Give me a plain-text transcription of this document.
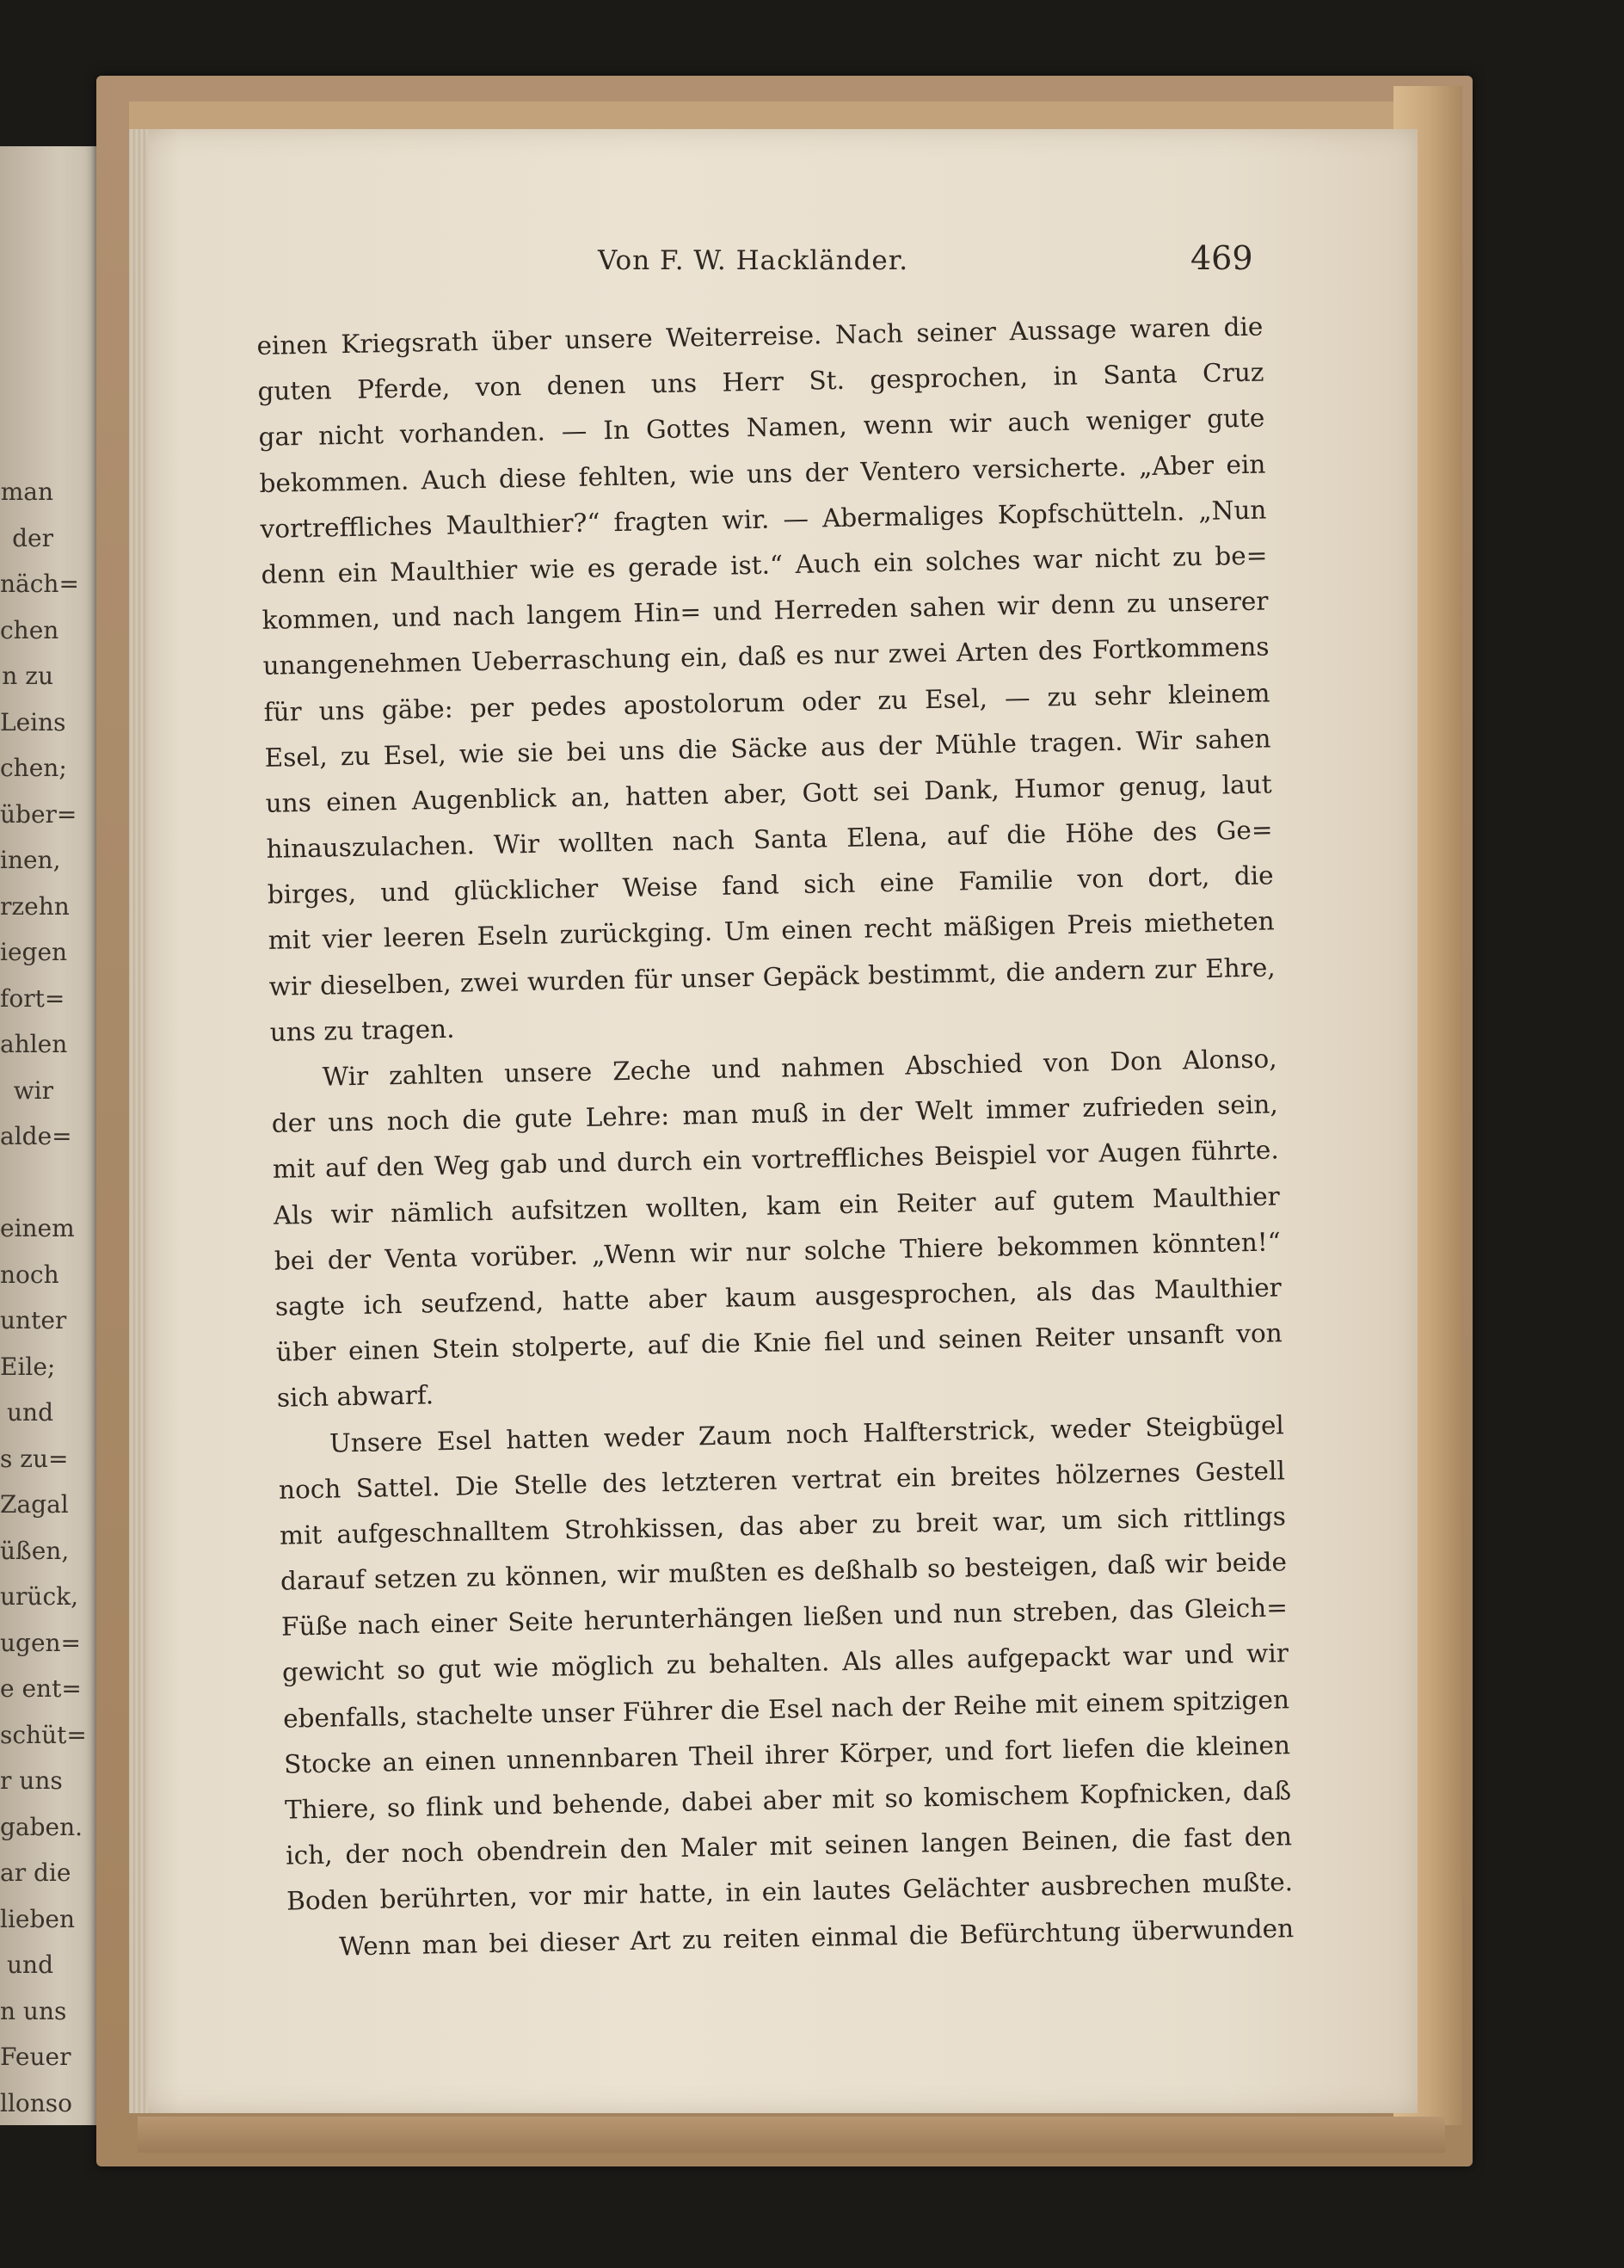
man
der
näch=
chen
n zu
Leins
chen;
über=
inen,
rzehn
iegen
fort=
ahlen
wir
alde=
einem
noch
unter
Eile;
und
s zu=
Zagal
üßen,
urück,
ugen=
e ent=
schüt=
r uns
gaben.
ar die
lieben
und
n uns
Feuer
llonso
Von F. W. Hackländer.	469
einen Kriegsrath über unsere Weiterreise. Nach seiner Aussage waren die
guten Pferde, von denen uns Herr St. gesprochen, in Santa Cruz
gar nicht vorhanden. — In Gottes Namen, wenn wir auch weniger gute
bekommen. Auch diese fehlten, wie uns der Ventero versicherte. „Aber ein
vortreffliches Maulthier?“ fragten wir. — Abermaliges Kopfschütteln. „Nun
denn ein Maulthier wie es gerade ist.“ Auch ein solches war nicht zu be=
kommen, und nach langem Hin= und Herreden sahen wir denn zu unserer
unangenehmen Ueberraschung ein, daß es nur zwei Arten des Fortkommens
für uns gäbe: per pedes apostolorum oder zu Esel, — zu sehr kleinem
Esel, zu Esel, wie sie bei uns die Säcke aus der Mühle tragen. Wir sahen
uns einen Augenblick an, hatten aber, Gott sei Dank, Humor genug, laut
hinauszulachen. Wir wollten nach Santa Elena, auf die Höhe des Ge=
birges, und glücklicher Weise fand sich eine Familie von dort, die
mit vier leeren Eseln zurückging. Um einen recht mäßigen Preis mietheten
wir dieselben, zwei wurden für unser Gepäck bestimmt, die andern zur Ehre,
uns zu tragen.
Wir zahlten unsere Zeche und nahmen Abschied von Don Alonso,
der uns noch die gute Lehre: man muß in der Welt immer zufrieden sein,
mit auf den Weg gab und durch ein vortreffliches Beispiel vor Augen führte.
Als wir nämlich aufsitzen wollten, kam ein Reiter auf gutem Maulthier
bei der Venta vorüber. „Wenn wir nur solche Thiere bekommen könnten!“
sagte ich seufzend, hatte aber kaum ausgesprochen, als das Maulthier
über einen Stein stolperte, auf die Knie fiel und seinen Reiter unsanft von
sich abwarf.
Unsere Esel hatten weder Zaum noch Halfterstrick, weder Steigbügel
noch Sattel. Die Stelle des letzteren vertrat ein breites hölzernes Gestell
mit aufgeschnalltem Strohkissen, das aber zu breit war, um sich rittlings
darauf setzen zu können, wir mußten es deßhalb so besteigen, daß wir beide
Füße nach einer Seite herunterhängen ließen und nun streben, das Gleich=
gewicht so gut wie möglich zu behalten. Als alles aufgepackt war und wir
ebenfalls, stachelte unser Führer die Esel nach der Reihe mit einem spitzigen
Stocke an einen unnennbaren Theil ihrer Körper, und fort liefen die kleinen
Thiere, so flink und behende, dabei aber mit so komischem Kopfnicken, daß
ich, der noch obendrein den Maler mit seinen langen Beinen, die fast den
Boden berührten, vor mir hatte, in ein lautes Gelächter ausbrechen mußte.
Wenn man bei dieser Art zu reiten einmal die Befürchtung überwunden
